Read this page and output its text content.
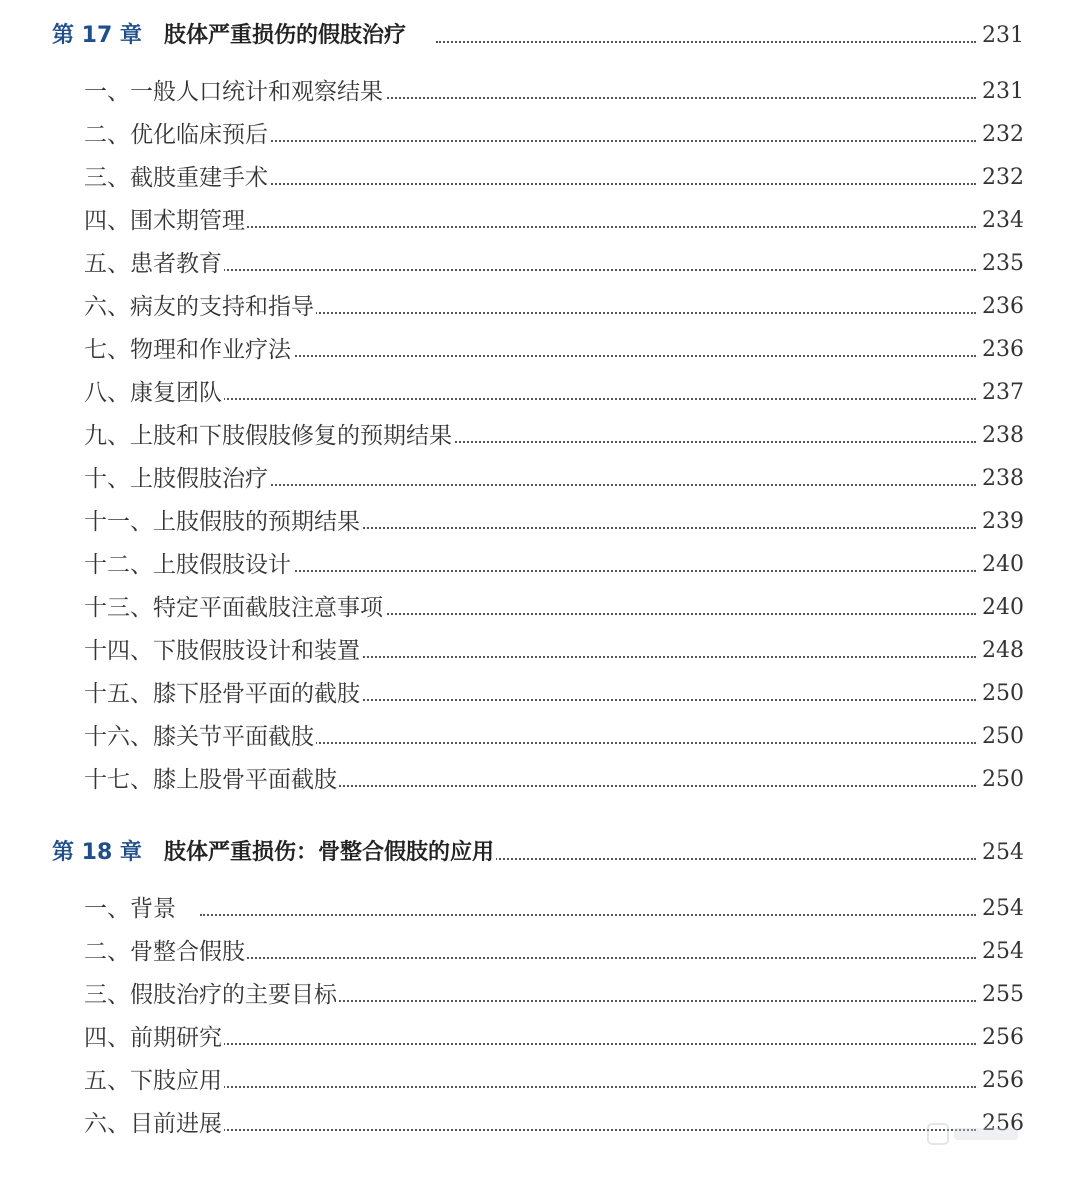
第 17 章 肢体严重损伤的假肢治疗	231
一、一般人口统计和观察结果	231
二、优化临床预后	232
三、截肢重建手术	232
四、围术期管理	234
五、患者教育	235
六、病友的支持和指导	236
七、物理和作业疗法	236
八、康复团队	237
九、上肢和下肢假肢修复的预期结果	238
十、上肢假肢治疗	238
十一、上肢假肢的预期结果	239
十二、上肢假肢设计	240
十三、特定平面截肢注意事项	240
十四、下肢假肢设计和装置	248
十五、膝下胫骨平面的截肢	250
十六、膝关节平面截肢	250
十七、膝上股骨平面截肢	250
第 18 章 肢体严重损伤：骨整合假肢的应用	254
一、背景	254
二、骨整合假肢	254
三、假肢治疗的主要目标	255
四、前期研究	256
五、下肢应用	256
六、目前进展	256
